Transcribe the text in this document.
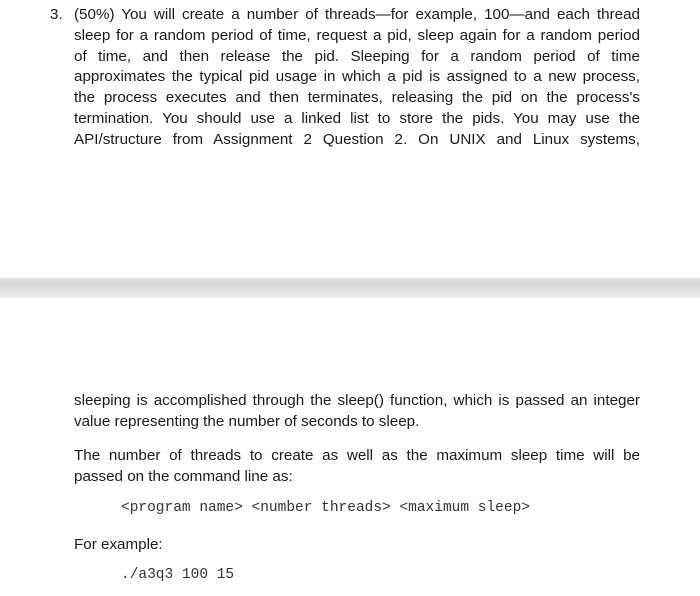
3. (50%) You will create a number of threads—for example, 100—and each thread
sleep for a random period of time, request a pid, sleep again for a random period
of time, and then release the pid. Sleeping for a random period of time
approximates the typical pid usage in which a pid is assigned to a new process,
the process executes and then terminates, releasing the pid on the process's
termination. You should use a linked list to store the pids. You may use the
API/structure from Assignment 2 Question 2. On UNIX and Linux systems,
sleeping is accomplished through the sleep() function, which is passed an integer
value representing the number of seconds to sleep.
The number of threads to create as well as the maximum sleep time will be
passed on the command line as:
<program name> <number threads> <maximum sleep>
For example:
./a3q3 100 15
